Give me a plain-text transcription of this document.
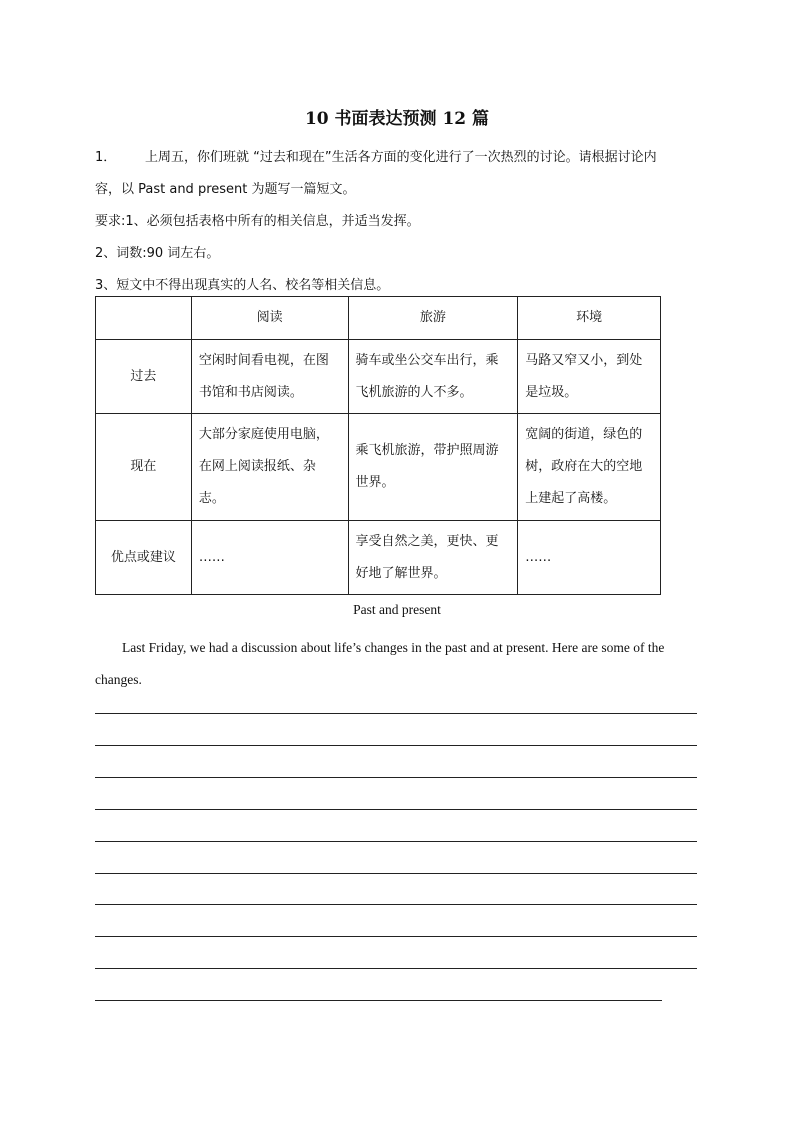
10 书面表达预测 12 篇
1． 上周五，你们班就 “过去和现在”生活各方面的变化进行了一次热烈的讨论。请根据讨论内
容，以 Past and present 为题写一篇短文。
要求:1、必须包括表格中所有的相关信息，并适当发挥。
2、词数:90 词左右。
3、短文中不得出现真实的人名、校名等相关信息。
	阅读	旅游	环境
过去	空闲时间看电视，在图书馆和书店阅读。	骑车或坐公交车出行，乘飞机旅游的人不多。	马路又窄又小，到处是垃圾。
现在	大部分家庭使用电脑，在网上阅读报纸、杂志。	乘飞机旅游，带护照周游世界。	宽阔的街道，绿色的树，政府在大的空地上建起了高楼。
优点或建议	……	享受自然之美，更快、更好地了解世界。	……
Past and present
Last Friday, we had a discussion about life’s changes in the past and at present. Here are some of the changes.
